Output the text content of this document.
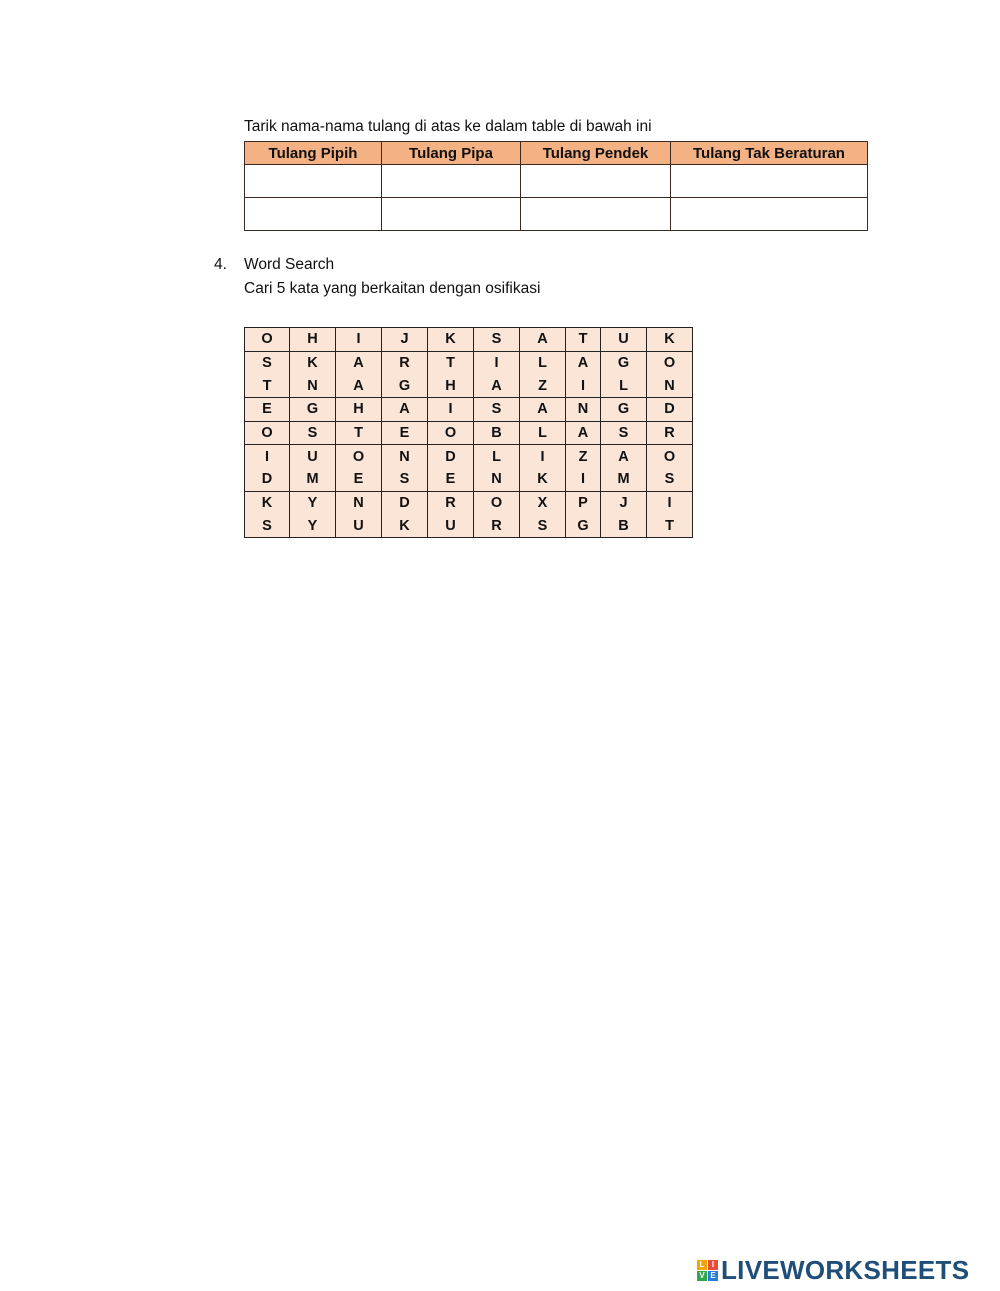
Tarik nama-nama tulang di atas ke dalam table di bawah ini
Tulang Pipih	Tulang Pipa	Tulang Pendek	Tulang Tak Beraturan

4. Word Search
Cari 5 kata yang berkaitan dengan osifikasi
O	H	I	J	K	S	A	T	U	K
S	K	A	R	T	I	L	A	G	O
T	N	A	G	H	A	Z	I	L	N
E	G	H	A	I	S	A	N	G	D
O	S	T	E	O	B	L	A	S	R
I	U	O	N	D	L	I	Z	A	O
D	M	E	S	E	N	K	I	M	S
K	Y	N	D	R	O	X	P	J	I
S	Y	U	K	U	R	S	G	B	T
L I
V E LIVEWORKSHEETS
